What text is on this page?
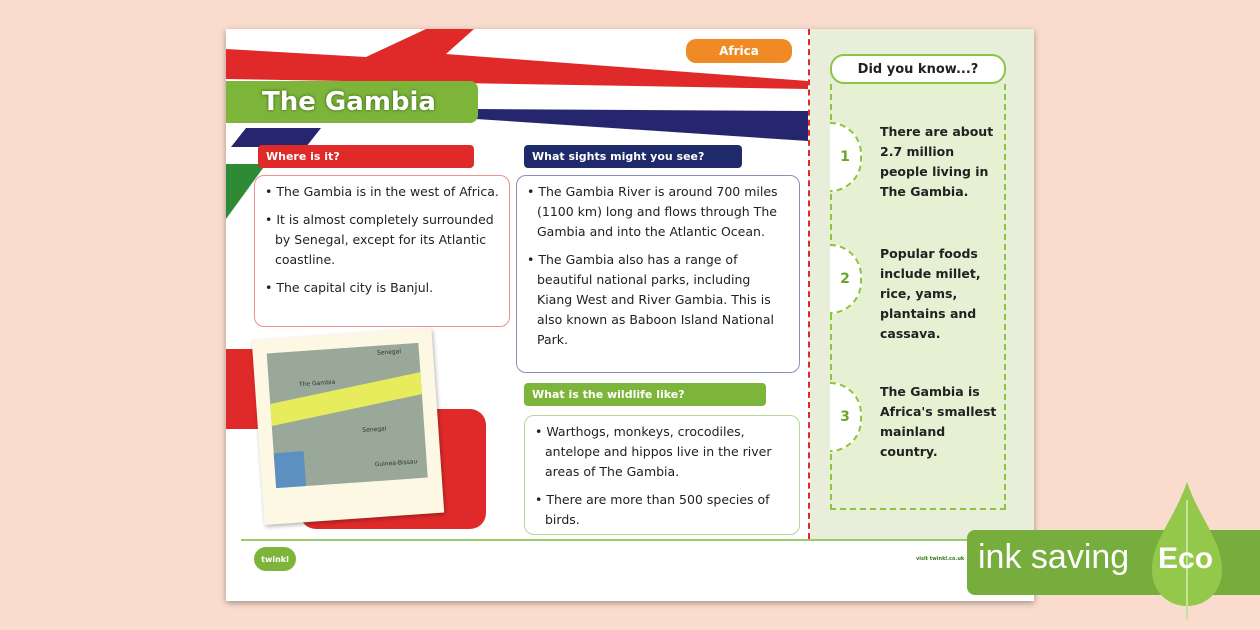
Africa
The Gambia
Where is it?

• The Gambia is in the west of Africa.

• It is almost completely surrounded by Senegal, except for its Atlantic coastline.

• The capital city is Banjul.

Senegal
The Gambia
Senegal
Guinea-Bissau
What sights might you see?

• The Gambia River is around 700 miles (1100 km) long and flows through The Gambia and into the Atlantic Ocean.

• The Gambia also has a range of beautiful national parks, including Kiang West and River Gambia. This is also known as Baboon Island National Park.

What is the wildlife like?

• Warthogs, monkeys, crocodiles, antelope and hippos live in the river areas of The Gambia.

• There are more than 500 species of birds.

Did you know...?
1
There are about 2.7 million people living in The Gambia.
2
Popular foods include millet, rice, yams, plantains and cassava.
3
The Gambia is Africa's smallest mainland country.
twinkl	visit twinkl.co.uk ink saving Eco
